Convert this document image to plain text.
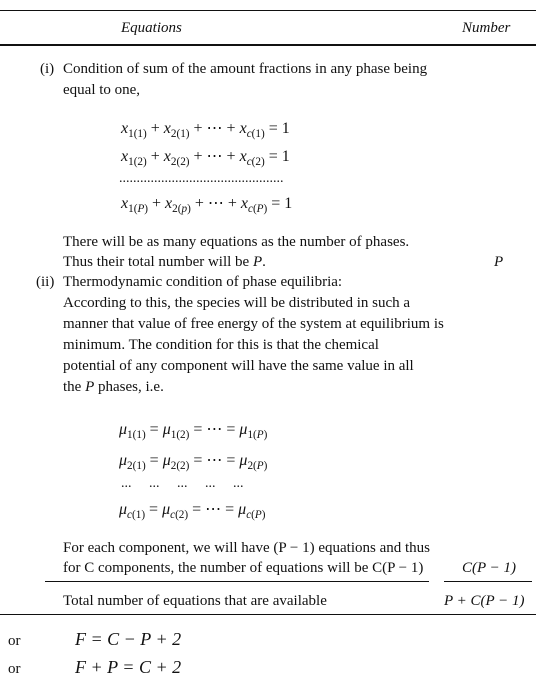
Equations	Number
(i) Condition of sum of the amount fractions in any phase being
equal to one,
$x_{1(1)} + x_{2(1)}$ + ⋯ + $x_{c(1)} = 1$
$x_{1(2)} + x_{2(2)}$ + ⋯ + $x_{c(2)} = 1$
...............................................
$x_{1(P)} + x_{2(p)}$ + ⋯ + $x_{c(P)} = 1$
There will be as many equations as the number of phases.
Thus their total number will be P.	P
(ii) Thermodynamic condition of phase equilibria:
According to this, the species will be distributed in such a
manner that value of free energy of the system at equilibrium is
minimum. The condition for this is that the chemical
potential of any component will have the same value in all
the P phases, i.e.
$\mu_{1(1)} = \mu_{1(2)}$ = ⋯ = $\mu_{1(P)}$
$\mu_{2(1)} = \mu_{2(2)}$ = ⋯ = $\mu_{2(P)}$
... ... ... ... ...
$\mu_{c(1)} = \mu_{c(2)}$ = ⋯ = $\mu_{c(P)}$
For each component, we will have (P − 1) equations and thus
for C components, the number of equations will be C(P − 1)	C(P − 1)
Total number of equations that are available	P + C(P − 1)
or	F = C − P + 2
or	F + P = C + 2
